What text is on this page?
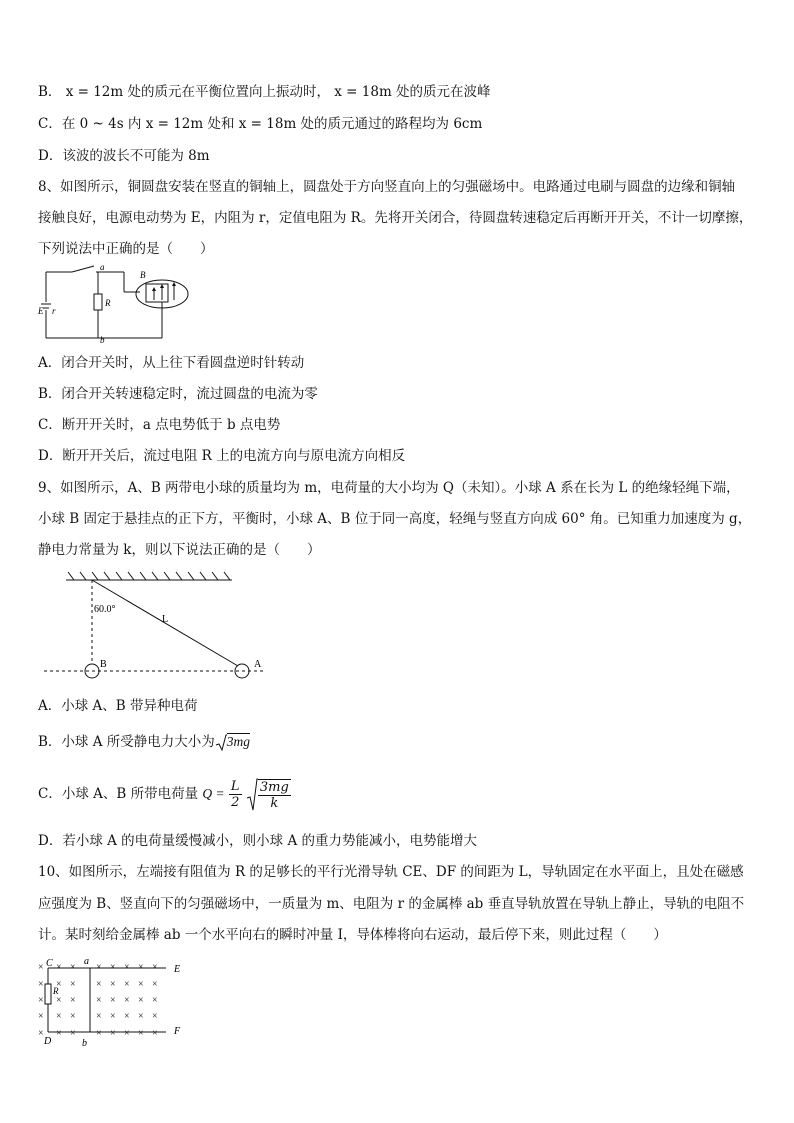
B． x = 12m 处的质元在平衡位置向上振动时， x = 18m 处的质元在波峰
C．在 0 ~ 4s 内 x = 12m 处和 x = 18m 处的质元通过的路程均为 6cm
D．该波的波长不可能为 8m
8、如图所示，铜圆盘安装在竖直的铜轴上，圆盘处于方向竖直向上的匀强磁场中。电路通过电刷与圆盘的边缘和铜轴
接触良好，电源电动势为 E，内阻为 r，定值电阻为 R。先将开关闭合，待圆盘转速稳定后再断开开关，不计一切摩擦，
下列说法中正确的是（　　）
a
b
R
E r
B
A．闭合开关时，从上往下看圆盘逆时针转动
B．闭合开关转速稳定时，流过圆盘的电流为零
C．断开开关时，a 点电势低于 b 点电势
D．断开开关后，流过电阻 R 上的电流方向与原电流方向相反
9、如图所示，A、B 两带电小球的质量均为 m，电荷量的大小均为 Q（未知）。小球 A 系在长为 L 的绝缘轻绳下端，
小球 B 固定于悬挂点的正下方，平衡时，小球 A、B 位于同一高度，轻绳与竖直方向成 60° 角。已知重力加速度为 g，
静电力常量为 k，则以下说法正确的是（　　）
60.0°
L
B	A
A．小球 A、B 带异种电荷
B．小球 A 所受静电力大小为 3mg
C．小球 A、B 所带电荷量 $Q = \frac{L}{2}$
$\frac{3mg}{k}$
D．若小球 A 的电荷量缓慢减小，则小球 A 的重力势能减小，电势能增大
10、如图所示，左端接有阻值为 R 的足够长的平行光滑导轨 CE、DF 的间距为 L，导轨固定在水平面上，且处在磁感
应强度为 B、竖直向下的匀强磁场中，一质量为 m、电阻为 r 的金属棒 ab 垂直导轨放置在导轨上静止，导轨的电阻不
计。某时刻给金属棒 ab 一个水平向右的瞬时冲量 I，导体棒将向右运动，最后停下来，则此过程（　　）
× × × × × × × ×
× × × × × × × ×
× × × × × × × ×
× × × × × × × ×
× × × × × × × ×
C
D
E
F
a
b
R
